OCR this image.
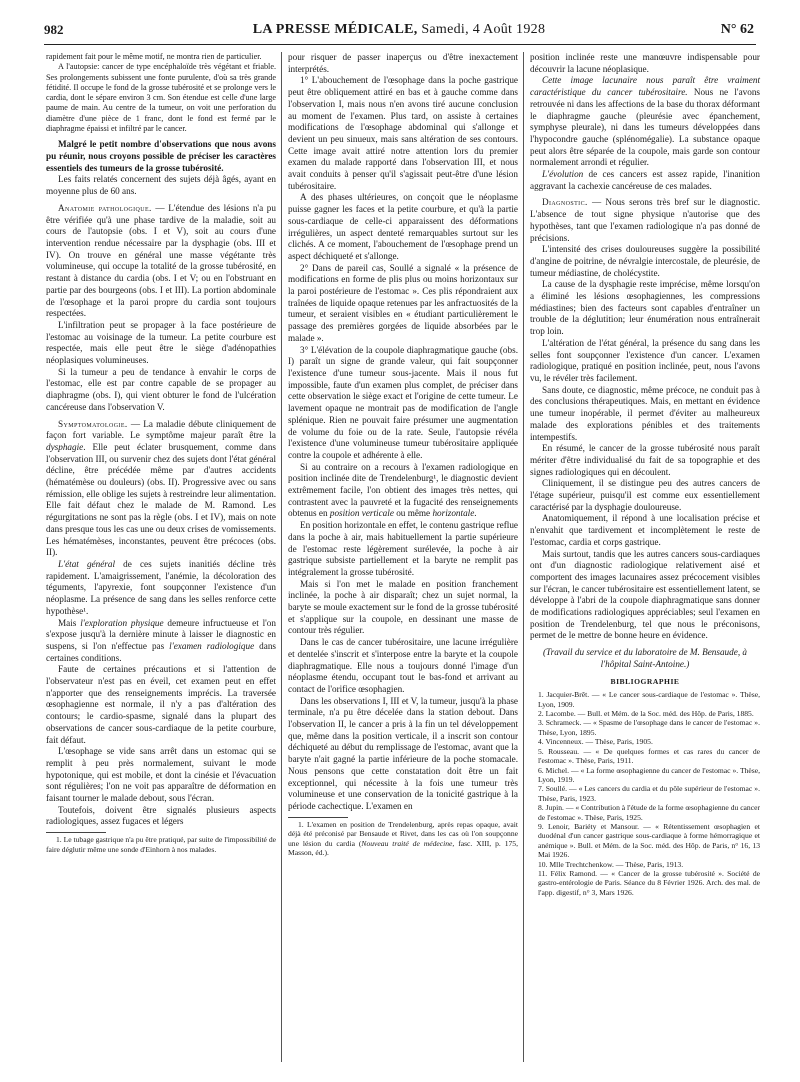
982	LA PRESSE MÉDICALE, Samedi, 4 Août 1928	N° 62

rapidement fait pour le même motif, ne montra rien de particulier.

A l'autopsie: cancer de type encéphaloïde très végétant et friable. Ses prolongements subissent une fonte purulente, d'où sa très grande fétidité. Il occupe le fond de la grosse tubérosité et se prolonge vers le cardia, dont le sépare environ 3 cm. Son étendue est celle d'une large paume de main. Au centre de la tumeur, on voit une perforation du diamètre d'une pièce de 1 franc, dont le fond est fermé par le diaphragme épaissi et infiltré par le cancer.

Malgré le petit nombre d'observations que nous avons pu réunir, nous croyons possible de préciser les caractères essentiels des tumeurs de la grosse tubérosité.

Les faits relatés concernent des sujets déjà âgés, ayant en moyenne plus de 60 ans.

Anatomie pathologique. — L'étendue des lésions n'a pu être vérifiée qu'à une phase tardive de la maladie, soit au cours de l'autopsie (obs. I et V), soit au cours d'une intervention rendue nécessaire par la dysphagie (obs. III et IV). On trouve en général une masse végétante très volumineuse, qui occupe la totalité de la grosse tubérosité, en restant à distance du cardia (obs. I et V; ou en l'obstruant en partie par des bourgeons (obs. I et III). La portion abdominale de l'œsophage et la paroi propre du cardia sont toujours respectées.

L'infiltration peut se propager à la face postérieure de l'estomac au voisinage de la tumeur. La petite courbure est respectée, mais elle peut être le siège d'adénopathies néoplasiques volumineuses.

Si la tumeur a peu de tendance à envahir le corps de l'estomac, elle est par contre capable de se propager au diaphragme (obs. I), qui vient obturer le fond de l'ulcération cancéreuse dans l'observation V.

Symptomatologie. — La maladie débute cliniquement de façon fort variable. Le symptôme majeur paraît être la dysphagie. Elle peut éclater brusquement, comme dans l'observation III, ou survenir chez des sujets dont l'état général décline, être précédée même par d'autres accidents (hématémèse ou douleurs) (obs. II). Progressive avec ou sans rémission, elle oblige les sujets à restreindre leur alimentation. Elle fait défaut chez le malade de M. Ramond. Les régurgitations ne sont pas la règle (obs. I et IV), mais on note dans presque tous les cas une ou deux crises de vomissements. Les hématémèses, inconstantes, peuvent être précoces (obs. II).

L'état général de ces sujets inanitiés décline très rapidement. L'amaigrissement, l'anémie, la décoloration des téguments, l'apyrexie, font soupçonner l'existence d'un néoplasme. La présence de sang dans les selles renforce cette hypothèse¹.

Mais l'exploration physique demeure infructueuse et l'on s'expose jusqu'à la dernière minute à laisser le diagnostic en suspens, si l'on n'effectue pas l'examen radiologique dans certaines conditions.

Faute de certaines précautions et si l'attention de l'observateur n'est pas en éveil, cet examen peut en effet n'apporter que des renseignements imprécis. La traversée œsophagienne est normale, il n'y a pas d'altération des contours; le cardio-spasme, signalé dans la plupart des observations de cancer sous-cardiaque de la petite courbure, fait défaut.

L'œsophage se vide sans arrêt dans un estomac qui se remplit à peu près normalement, suivant le mode hypotonique, qui est mobile, et dont la cinésie et l'évacuation sont régulières; l'on ne voit pas apparaître de déformation en faisant tourner le malade debout, sous l'écran.

Toutefois, doivent être signalés plusieurs aspects radiologiques, assez fugaces et légers

1. Le tubage gastrique n'a pu être pratiqué, par suite de l'impossibilité de faire déglutir même une sonde d'Einhorn à nos malades.

pour risquer de passer inaperçus ou d'être inexactement interprétés.

1° L'abouchement de l'œsophage dans la poche gastrique peut être obliquement attiré en bas et à gauche comme dans l'observation I, mais nous n'en avons tiré aucune conclusion au moment de l'examen. Plus tard, on assiste à certaines modifications de l'œsophage abdominal qui s'allonge et devient un peu sinueux, mais sans altération de ses contours. Cette image avait attiré notre attention lors du premier examen du malade rapporté dans l'observation III, et nous avait conduits à penser qu'il s'agissait peut-être d'une lésion tubérositaire.

A des phases ultérieures, on conçoit que le néoplasme puisse gagner les faces et la petite courbure, et qu'à la partie sous-cardiaque de celle-ci apparaissent des déformations irrégulières, un aspect denteté remarquables surtout sur les clichés. A ce moment, l'abouchement de l'œsophage prend un aspect déchiqueté et s'allonge.

2° Dans de pareil cas, Soullé a signalé « la présence de modifications en forme de plis plus ou moins horizontaux sur la paroi postérieure de l'estomac ». Ces plis répondraient aux traînées de liquide opaque retenues par les anfractuosités de la tumeur, et seraient visibles en « étudiant particulièrement le passage des premières gorgées de liquide absorbées par le malade ».

3° L'élévation de la coupole diaphragmatique gauche (obs. I) paraît un signe de grande valeur, qui fait soupçonner l'existence d'une tumeur sous-jacente. Mais il nous fut impossible, faute d'un examen plus complet, de préciser dans cette observation le siège exact et l'origine de cette tumeur. Le lavement opaque ne montrait pas de modification de l'angle splénique. Rien ne pouvait faire présumer une augmentation de volume du foie ou de la rate. Seule, l'autopsie révéla l'existence d'une volumineuse tumeur tubérositaire appliquée contre la coupole et adhérente à elle.

Si au contraire on a recours à l'examen radiologique en position inclinée dite de Trendelenburg¹, le diagnostic devient extrêmement facile, l'on obtient des images très nettes, qui contrastent avec la pauvreté et la fugacité des renseignements obtenus en position verticale ou même horizontale.

En position horizontale en effet, le contenu gastrique reflue dans la poche à air, mais habituellement la partie supérieure de l'estomac reste légèrement surélevée, la poche à air gastrique subsiste partiellement et la baryte ne remplit pas intégralement la grosse tubérosité.

Mais si l'on met le malade en position franchement inclinée, la poche à air disparaît; chez un sujet normal, la baryte se moule exactement sur le fond de la grosse tubérosité et s'applique sur la coupole, en dessinant une masse de contour très régulier.

Dans le cas de cancer tubérositaire, une lacune irrégulière et dentelée s'inscrit et s'interpose entre la baryte et la coupole diaphragmatique. Elle nous a toujours donné l'image d'un néoplasme étendu, occupant tout le bas-fond et arrivant au contact de l'orifice œsophagien.

Dans les observations I, III et V, la tumeur, jusqu'à la phase terminale, n'a pu être décelée dans la station debout. Dans l'observation II, le cancer a pris à la fin un tel développement que, même dans la position verticale, il a inscrit son contour déchiqueté au début du remplissage de l'estomac, avant que la baryte n'ait gagné la partie inférieure de la poche stomacale. Nous pensons que cette constatation doit être un fait exceptionnel, qui nécessite à la fois une tumeur très volumineuse et une conservation de la tonicité gastrique à la période cachectique. L'examen en

1. L'examen en position de Trendelenburg, après repas opaque, avait déjà été préconisé par Bensaude et Rivet, dans les cas où l'on soupçonne une lésion du cardia (Nouveau traité de médecine, fasc. XIII, p. 175, Masson, éd.).

position inclinée reste une manœuvre indispensable pour découvrir la lacune néoplasique.

Cette image lacunaire nous paraît être vraiment caractéristique du cancer tubérositaire. Nous ne l'avons retrouvée ni dans les affections de la base du thorax déformant le diaphragme gauche (pleurésie avec épanchement, symphyse pleurale), ni dans les tumeurs développées dans l'hypocondre gauche (splénomégalie). La substance opaque peut alors être séparée de la coupole, mais garde son contour normalement arrondi et régulier.

L'évolution de ces cancers est assez rapide, l'inanition aggravant la cachexie cancéreuse de ces malades.

Diagnostic. — Nous serons très bref sur le diagnostic. L'absence de tout signe physique n'autorise que des hypothèses, tant que l'examen radiologique n'a pas donné de précisions.

L'intensité des crises douloureuses suggère la possibilité d'angine de poitrine, de névralgie intercostale, de pleurésie, de tumeur médiastine, de cholécystite.

La cause de la dysphagie reste imprécise, même lorsqu'on a éliminé les lésions œsophagiennes, les compressions médiastines; bien des facteurs sont capables d'entraîner un trouble de la déglutition; leur énumération nous entraînerait trop loin.

L'altération de l'état général, la présence du sang dans les selles font soupçonner l'existence d'un cancer. L'examen radiologique, pratiqué en position inclinée, peut, nous l'avons vu, le révéler très facilement.

Sans doute, ce diagnostic, même précoce, ne conduit pas à des conclusions thérapeutiques. Mais, en mettant en évidence une tumeur inopérable, il permet d'éviter au malheureux malade des explorations pénibles et des traitements intempestifs.

En résumé, le cancer de la grosse tubérosité nous paraît mériter d'être individualisé du fait de sa topographie et des signes radiologiques qui en découlent.

Cliniquement, il se distingue peu des autres cancers de l'étage supérieur, puisqu'il est comme eux essentiellement caractérisé par la dysphagie douloureuse.

Anatomiquement, il répond à une localisation précise et n'envahit que tardivement et incomplètement le reste de l'estomac, cardia et corps gastrique.

Mais surtout, tandis que les autres cancers sous-cardiaques ont d'un diagnostic radiologique relativement aisé et comportent des images lacunaires assez précocement visibles sur l'écran, le cancer tubérositaire est essentiellement latent, se développe à l'abri de la coupole diaphragmatique sans donner de modifications radiologiques appréciables; seul l'examen en position de Trendelenburg, tel que nous le préconisons, permet de le mettre de bonne heure en évidence.

(Travail du service et du laboratoire de M. Bensaude, à l'hôpital Saint-Antoine.)

BIBLIOGRAPHIE

1. Jacquier-Brêt. — « Le cancer sous-cardiaque de l'estomac ». Thèse, Lyon, 1909.

2. Lacombe. — Bull. et Mém. de la Soc. méd. des Hôp. de Paris, 1885.

3. Schrameck. — « Spasme de l'œsophage dans le cancer de l'estomac ». Thèse, Lyon, 1895.

4. Vincenneux. — Thèse, Paris, 1905.

5. Rousseau. — « De quelques formes et cas rares du cancer de l'estomac ». Thèse, Paris, 1911.

6. Michel. — « La forme œsophagienne du cancer de l'estomac ». Thèse, Lyon, 1919.

7. Soullé. — « Les cancers du cardia et du pôle supérieur de l'estomac ». Thèse, Paris, 1923.

8. Jupin. — « Contribution à l'étude de la forme œsophagienne du cancer de l'estomac ». Thèse, Paris, 1925.

9. Lenoir, Bariéty et Mansour. — « Rétentissement œsophagien et duodénal d'un cancer gastrique sous-cardiaque à forme hémorragique et anémique ». Bull. et Mém. de la Soc. méd. des Hôp. de Paris, n° 16, 13 Mai 1926.

10. Mlle Trechtchenkow. — Thèse, Paris, 1913.

11. Félix Ramond. — « Cancer de la grosse tubérosité ». Société de gastro-entérologie de Paris. Séance du 8 Février 1926. Arch. des mal. de l'app. digestif, n° 3, Mars 1926.
